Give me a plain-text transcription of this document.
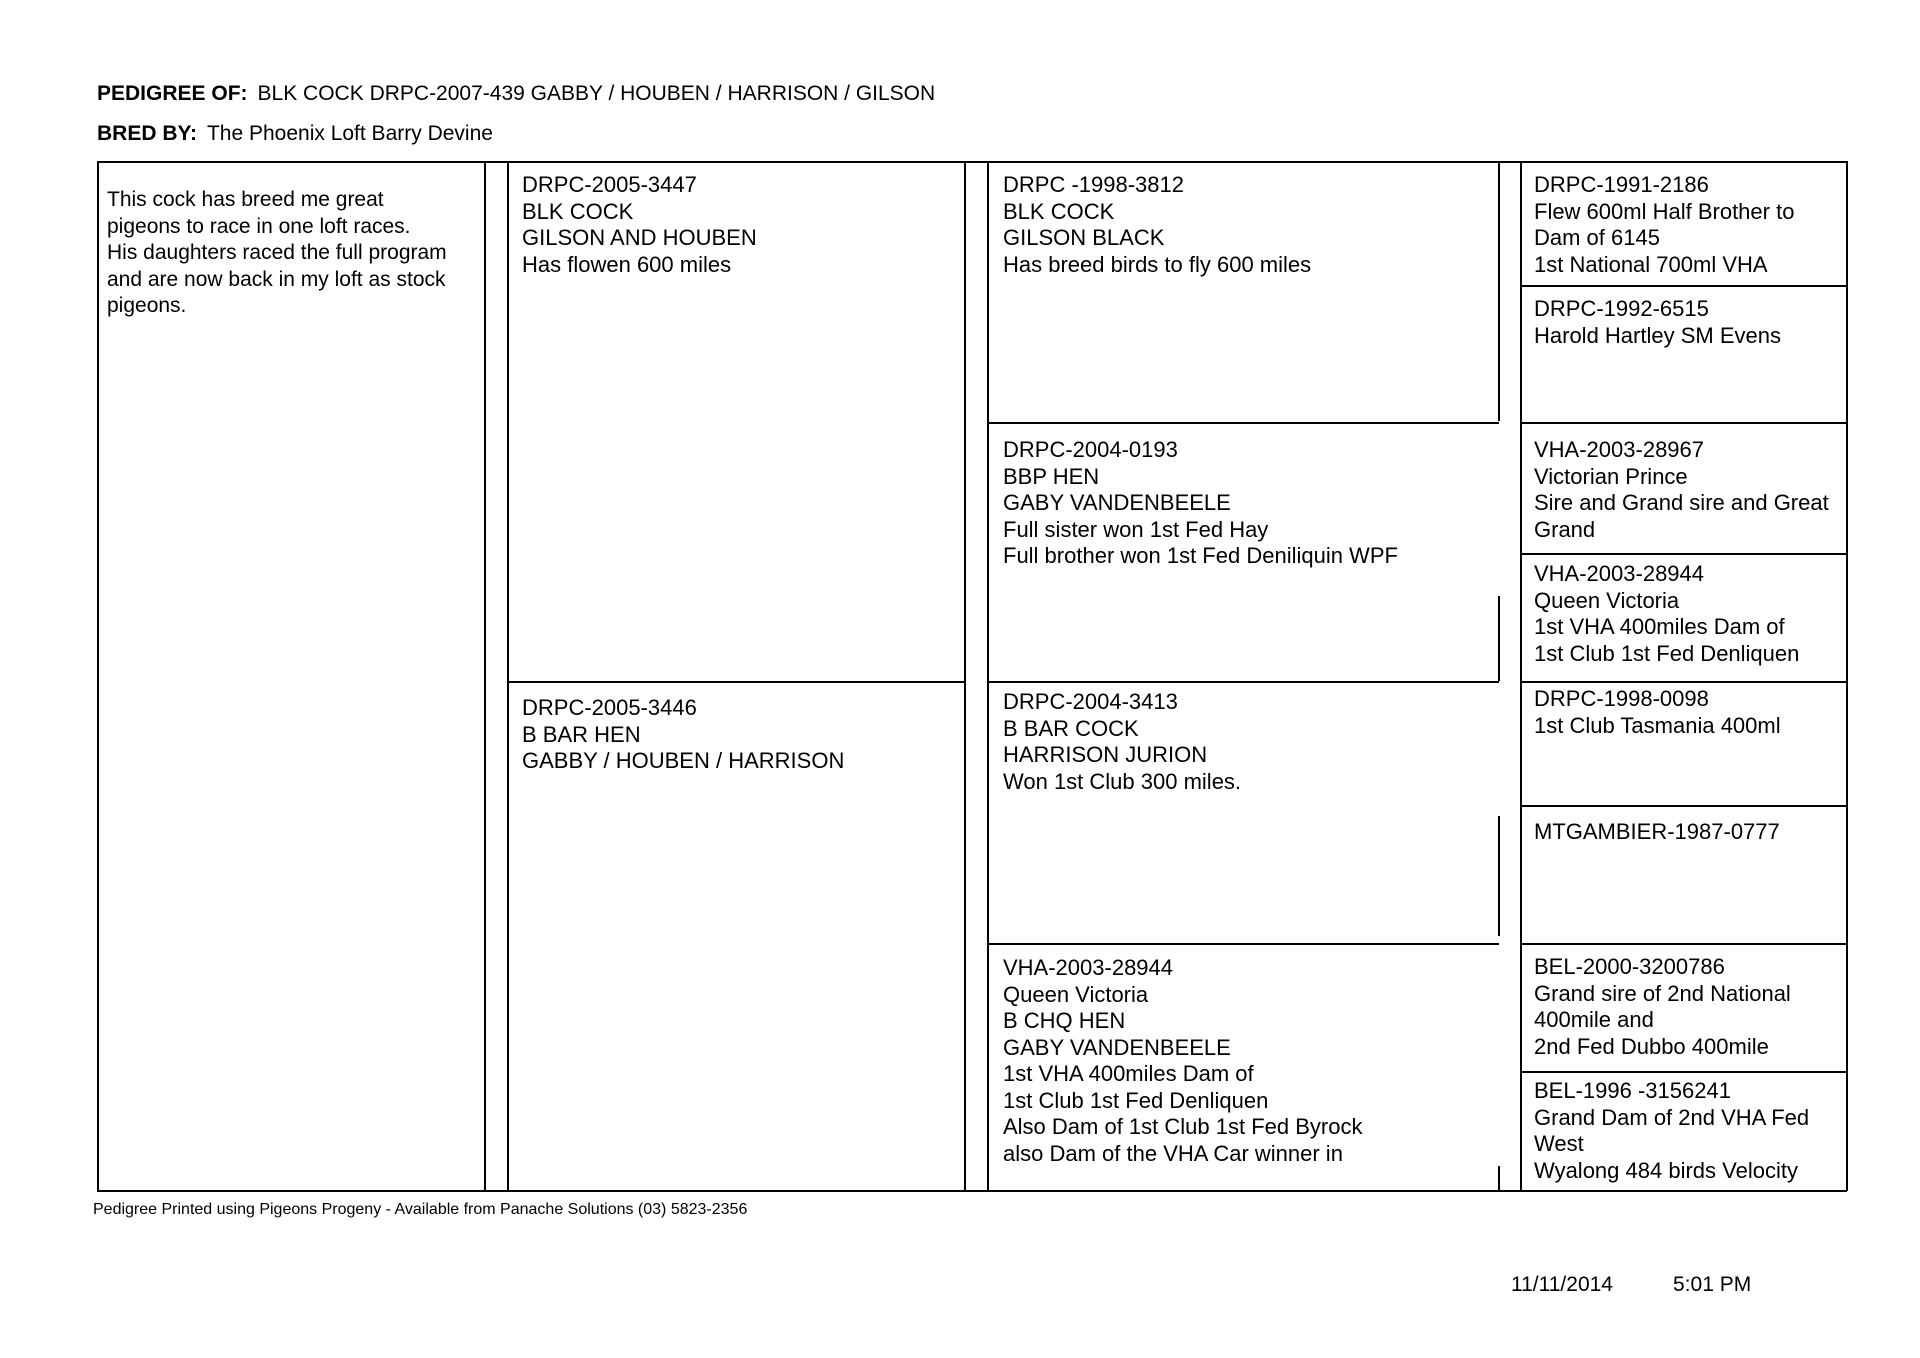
PEDIGREE OF: BLK COCK DRPC-2007-439 GABBY / HOUBEN / HARRISON / GILSON
BRED BY: The Phoenix Loft Barry Devine
This cock has breed me great
pigeons to race in one loft races.
His daughters raced the full program
and are now back in my loft as stock
pigeons.
DRPC-2005-3447
BLK COCK
GILSON AND HOUBEN
Has flowen 600 miles
DRPC-2005-3446
B BAR HEN
GABBY / HOUBEN / HARRISON
DRPC -1998-3812
BLK COCK
GILSON BLACK
Has breed birds to fly 600 miles
DRPC-2004-0193
BBP HEN
GABY VANDENBEELE
Full sister won 1st Fed Hay
Full brother won 1st Fed Deniliquin WPF
DRPC-2004-3413
B BAR COCK
HARRISON JURION
Won 1st Club 300 miles.
VHA-2003-28944
Queen Victoria
B CHQ HEN
GABY VANDENBEELE
1st VHA 400miles Dam of
1st Club 1st Fed Denliquen
Also Dam of 1st Club 1st Fed Byrock
also Dam of the VHA Car winner in
DRPC-1991-2186
Flew 600ml Half Brother to
Dam of 6145
1st National 700ml VHA
DRPC-1992-6515
Harold Hartley SM Evens
VHA-2003-28967
Victorian Prince
Sire and Grand sire and Great
Grand
VHA-2003-28944
Queen Victoria
1st VHA 400miles Dam of
1st Club 1st Fed Denliquen
DRPC-1998-0098
1st Club Tasmania 400ml
MTGAMBIER-1987-0777
BEL-2000-3200786
Grand sire of 2nd National
400mile and
2nd Fed Dubbo 400mile
BEL-1996 -3156241
Grand Dam of 2nd VHA Fed
West
Wyalong 484 birds Velocity
Pedigree Printed using Pigeons Progeny - Available from Panache Solutions (03) 5823-2356
11/11/2014	5:01 PM
